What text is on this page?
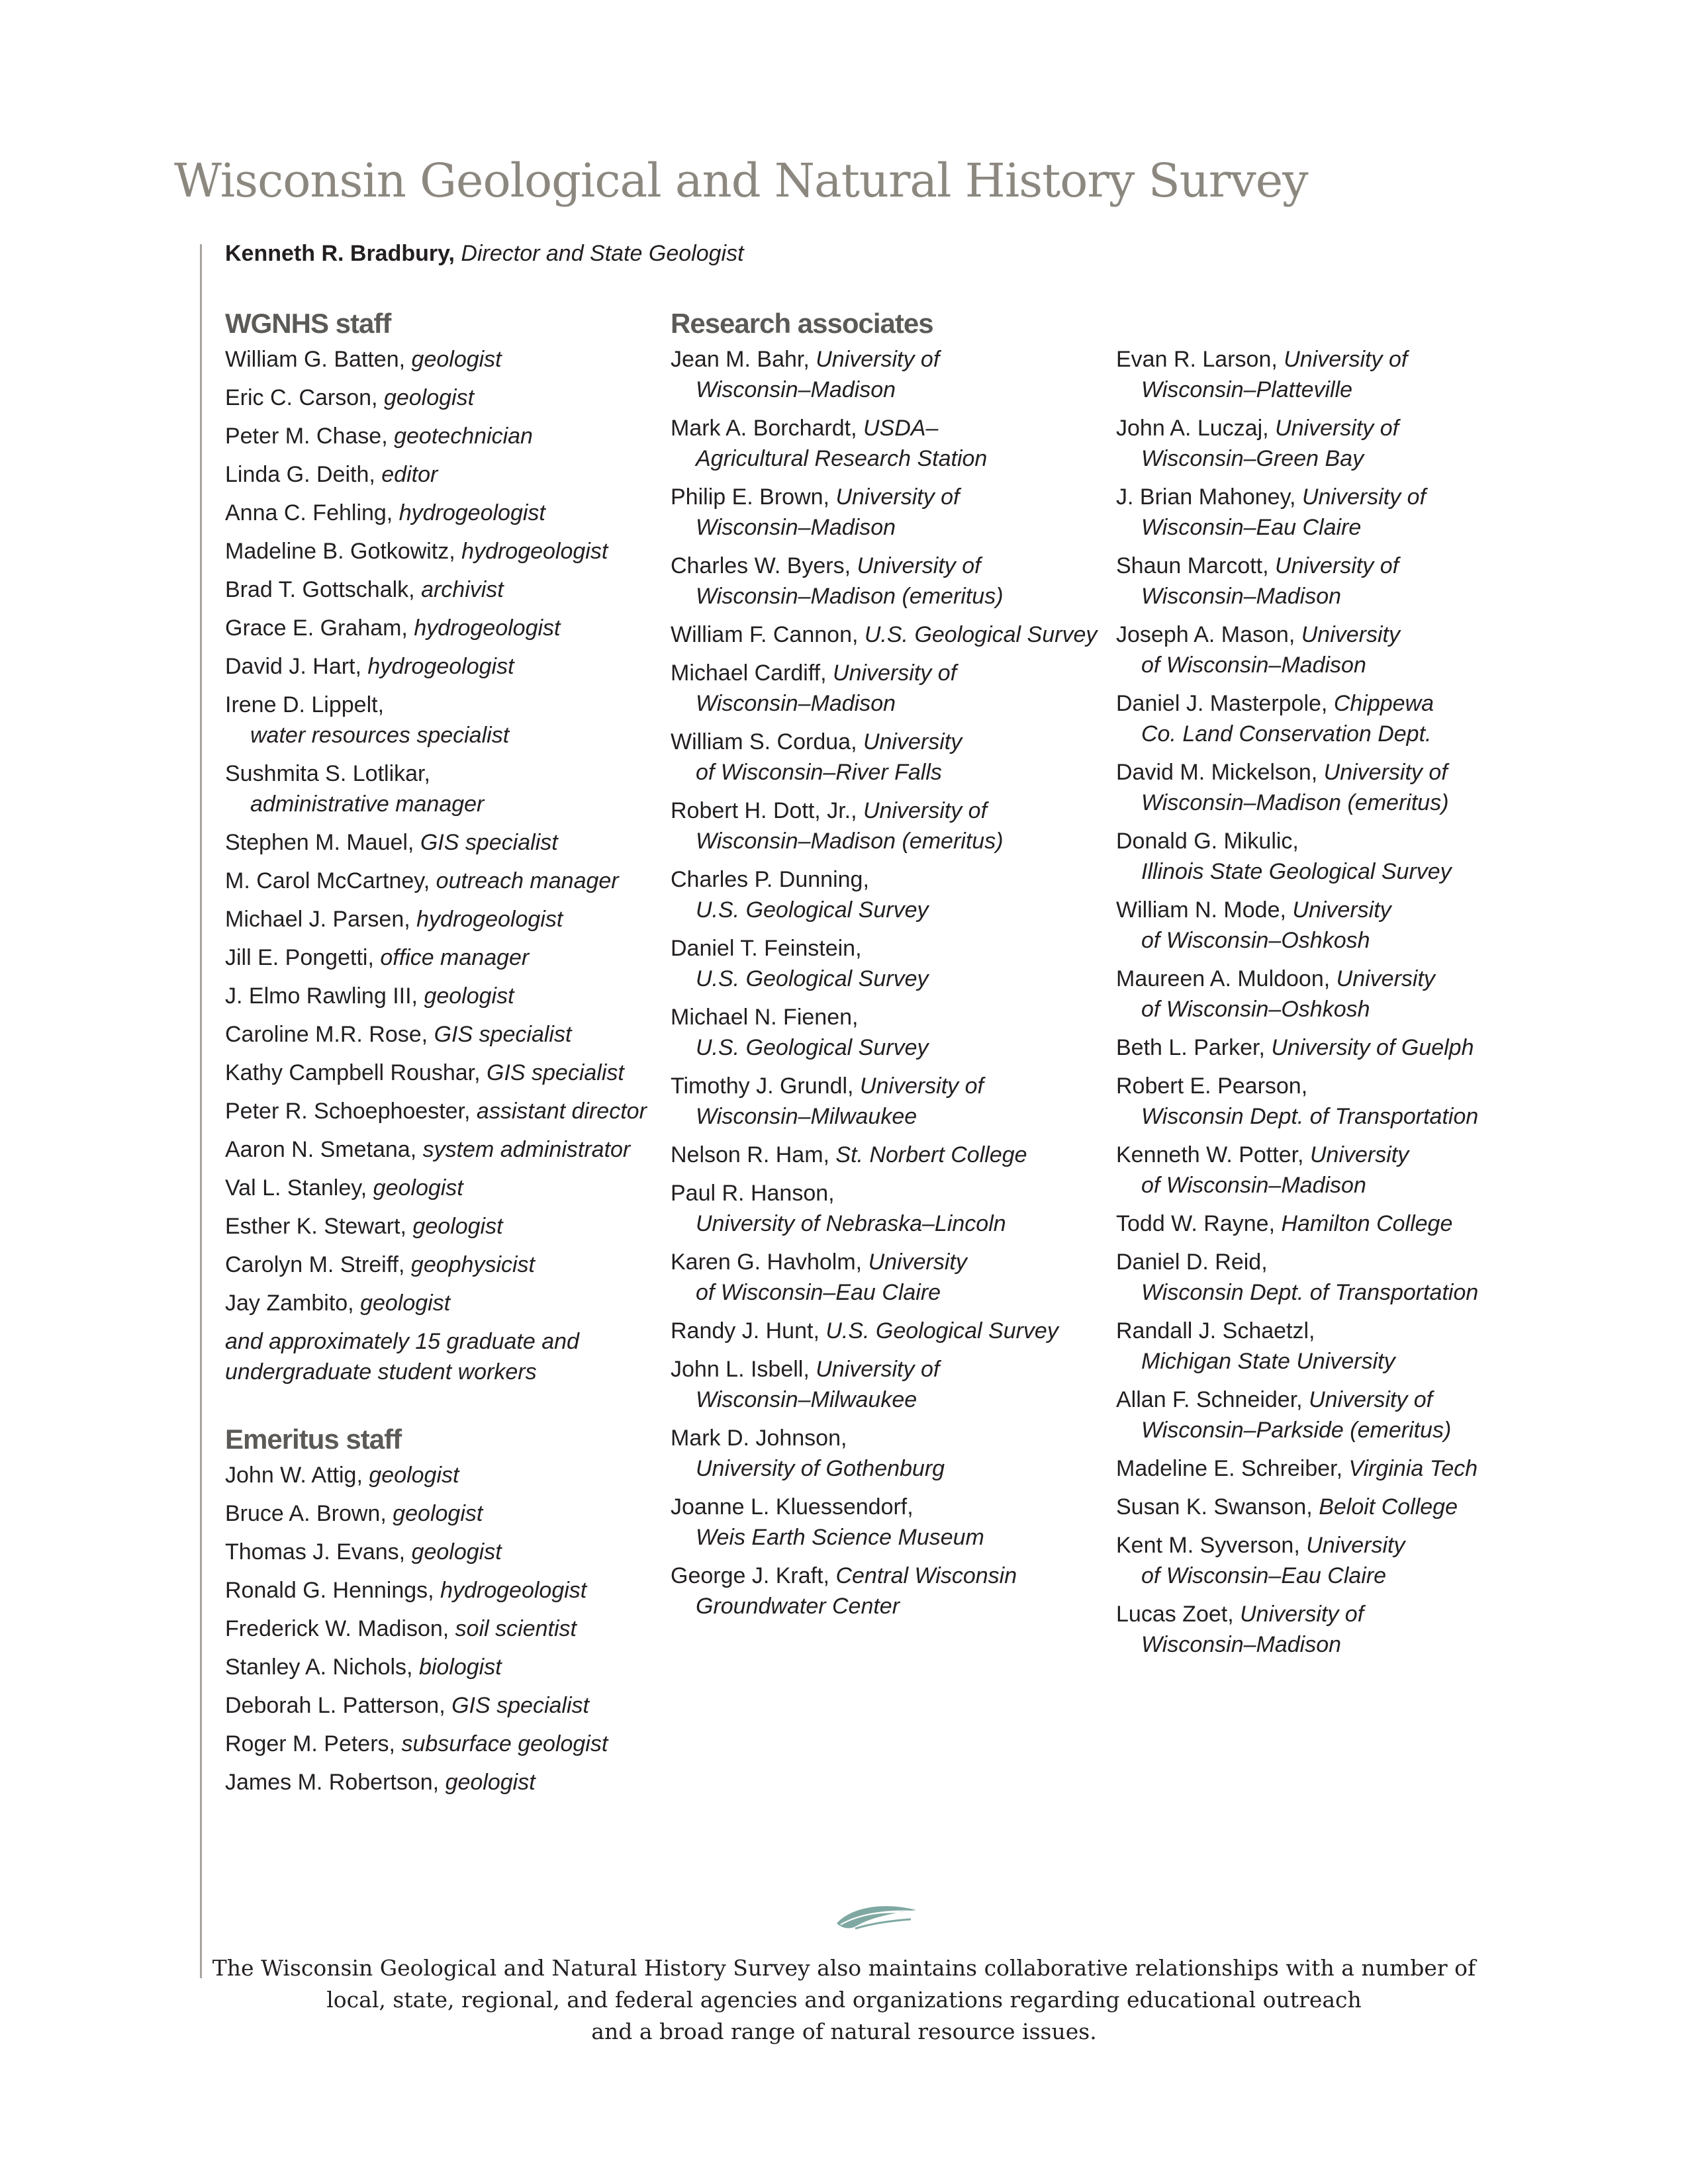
Wisconsin Geological and Natural History Survey
Kenneth R. Bradbury, Director and State Geologist
WGNHS staff
William G. Batten, geologist
Eric C. Carson, geologist
Peter M. Chase, geotechnician
Linda G. Deith, editor
Anna C. Fehling, hydrogeologist
Madeline B. Gotkowitz, hydrogeologist
Brad T. Gottschalk, archivist
Grace E. Graham, hydrogeologist
David J. Hart, hydrogeologist
Irene D. Lippelt,
water resources specialist
Sushmita S. Lotlikar,
administrative manager
Stephen M. Mauel, GIS specialist
M. Carol McCartney, outreach manager
Michael J. Parsen, hydrogeologist
Jill E. Pongetti, office manager
J. Elmo Rawling III, geologist
Caroline M.R. Rose, GIS specialist
Kathy Campbell Roushar, GIS specialist
Peter R. Schoephoester, assistant director
Aaron N. Smetana, system administrator
Val L. Stanley, geologist
Esther K. Stewart, geologist
Carolyn M. Streiff, geophysicist
Jay Zambito, geologist
and approximately 15 graduate and
undergraduate student workers
Emeritus staff
John W. Attig, geologist
Bruce A. Brown, geologist
Thomas J. Evans, geologist
Ronald G. Hennings, hydrogeologist
Frederick W. Madison, soil scientist
Stanley A. Nichols, biologist
Deborah L. Patterson, GIS specialist
Roger M. Peters, subsurface geologist
James M. Robertson, geologist
Research associates
Jean M. Bahr, University of
Wisconsin–Madison
Mark A. Borchardt, USDA–
Agricultural Research Station
Philip E. Brown, University of
Wisconsin–Madison
Charles W. Byers, University of
Wisconsin–Madison (emeritus)
William F. Cannon, U.S. Geological Survey
Michael Cardiff, University of
Wisconsin–Madison
William S. Cordua, University
of Wisconsin–River Falls
Robert H. Dott, Jr., University of
Wisconsin–Madison (emeritus)
Charles P. Dunning,
U.S. Geological Survey
Daniel T. Feinstein,
U.S. Geological Survey
Michael N. Fienen,
U.S. Geological Survey
Timothy J. Grundl, University of
Wisconsin–Milwaukee
Nelson R. Ham, St. Norbert College
Paul R. Hanson,
University of Nebraska–Lincoln
Karen G. Havholm, University
of Wisconsin–Eau Claire
Randy J. Hunt, U.S. Geological Survey
John L. Isbell, University of
Wisconsin–Milwaukee
Mark D. Johnson,
University of Gothenburg
Joanne L. Kluessendorf,
Weis Earth Science Museum
George J. Kraft, Central Wisconsin
Groundwater Center
Evan R. Larson, University of
Wisconsin–Platteville
John A. Luczaj, University of
Wisconsin–Green Bay
J. Brian Mahoney, University of
Wisconsin–Eau Claire
Shaun Marcott, University of
Wisconsin–Madison
Joseph A. Mason, University
of Wisconsin–Madison
Daniel J. Masterpole, Chippewa
Co. Land Conservation Dept.
David M. Mickelson, University of
Wisconsin–Madison (emeritus)
Donald G. Mikulic,
Illinois State Geological Survey
William N. Mode, University
of Wisconsin–Oshkosh
Maureen A. Muldoon, University
of Wisconsin–Oshkosh
Beth L. Parker, University of Guelph
Robert E. Pearson,
Wisconsin Dept. of Transportation
Kenneth W. Potter, University
of Wisconsin–Madison
Todd W. Rayne, Hamilton College
Daniel D. Reid,
Wisconsin Dept. of Transportation
Randall J. Schaetzl,
Michigan State University
Allan F. Schneider, University of
Wisconsin–Parkside (emeritus)
Madeline E. Schreiber, Virginia Tech
Susan K. Swanson, Beloit College
Kent M. Syverson, University
of Wisconsin–Eau Claire
Lucas Zoet, University of
Wisconsin–Madison
The Wisconsin Geological and Natural History Survey also maintains collaborative relationships with a number of
local, state, regional, and federal agencies and organizations regarding educational outreach
and a broad range of natural resource issues.
